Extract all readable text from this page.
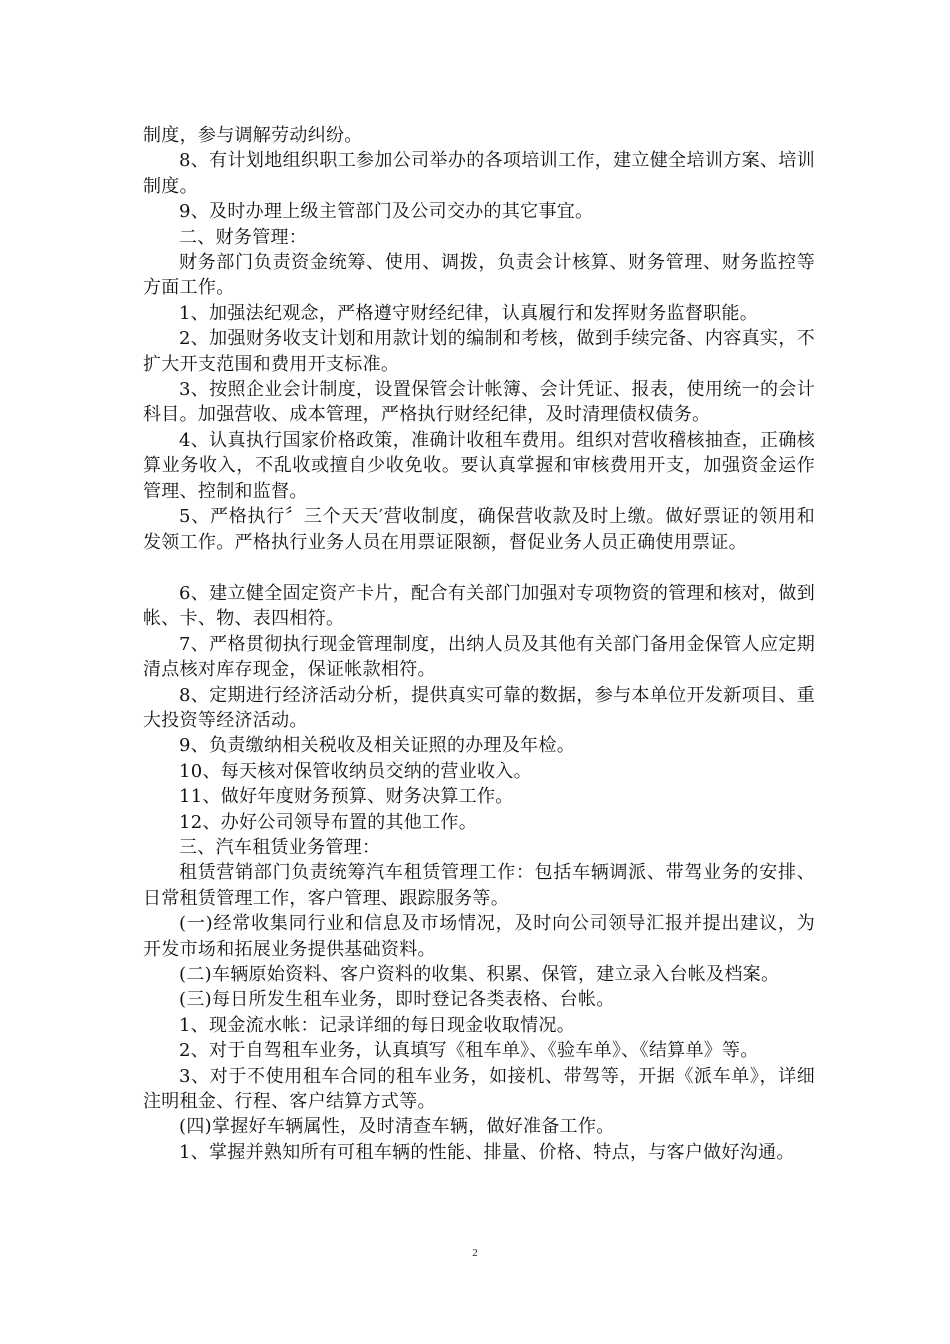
制度，参与调解劳动纠纷。

8、有计划地组织职工参加公司举办的各项培训工作，建立健全培训方案、培训制度。

9、及时办理上级主管部门及公司交办的其它事宜。

二、财务管理：

财务部门负责资金统筹、使用、调拨，负责会计核算、财务管理、财务监控等方面工作。

1、加强法纪观念，严格遵守财经纪律，认真履行和发挥财务监督职能。

2、加强财务收支计划和用款计划的编制和考核，做到手续完备、内容真实，不扩大开支范围和费用开支标准。

3、按照企业会计制度，设置保管会计帐簿、会计凭证、报表，使用统一的会计科目。加强营收、成本管理，严格执行财经纪律，及时清理债权债务。

4、认真执行国家价格政策，准确计收租车费用。组织对营收稽核抽查，正确核算业务收入，不乱收或擅自少收免收。要认真掌握和审核费用开支，加强资金运作管理、控制和监督。

5、严格执行〞三个天天′营收制度，确保营收款及时上缴。做好票证的领用和发领工作。严格执行业务人员在用票证限额，督促业务人员正确使用票证。

6、建立健全固定资产卡片，配合有关部门加强对专项物资的管理和核对，做到帐、卡、物、表四相符。

7、严格贯彻执行现金管理制度，出纳人员及其他有关部门备用金保管人应定期清点核对库存现金，保证帐款相符。

8、定期进行经济活动分析，提供真实可靠的数据，参与本单位开发新项目、重大投资等经济活动。

9、负责缴纳相关税收及相关证照的办理及年检。

10、每天核对保管收纳员交纳的营业收入。

11、做好年度财务预算、财务决算工作。

12、办好公司领导布置的其他工作。

三、汽车租赁业务管理：

租赁营销部门负责统筹汽车租赁管理工作：包括车辆调派、带驾业务的安排、日常租赁管理工作，客户管理、跟踪服务等。

(一)经常收集同行业和信息及市场情况，及时向公司领导汇报并提出建议，为开发市场和拓展业务提供基础资料。

(二)车辆原始资料、客户资料的收集、积累、保管，建立录入台帐及档案。

(三)每日所发生租车业务，即时登记各类表格、台帐。

1、现金流水帐：记录详细的每日现金收取情况。

2、对于自驾租车业务，认真填写《租车单》、《验车单》、《结算单》等。

3、对于不使用租车合同的租车业务，如接机、带驾等，开据《派车单》，详细注明租金、行程、客户结算方式等。

(四)掌握好车辆属性，及时清查车辆，做好准备工作。

1、掌握并熟知所有可租车辆的性能、排量、价格、特点，与客户做好沟通。

2
